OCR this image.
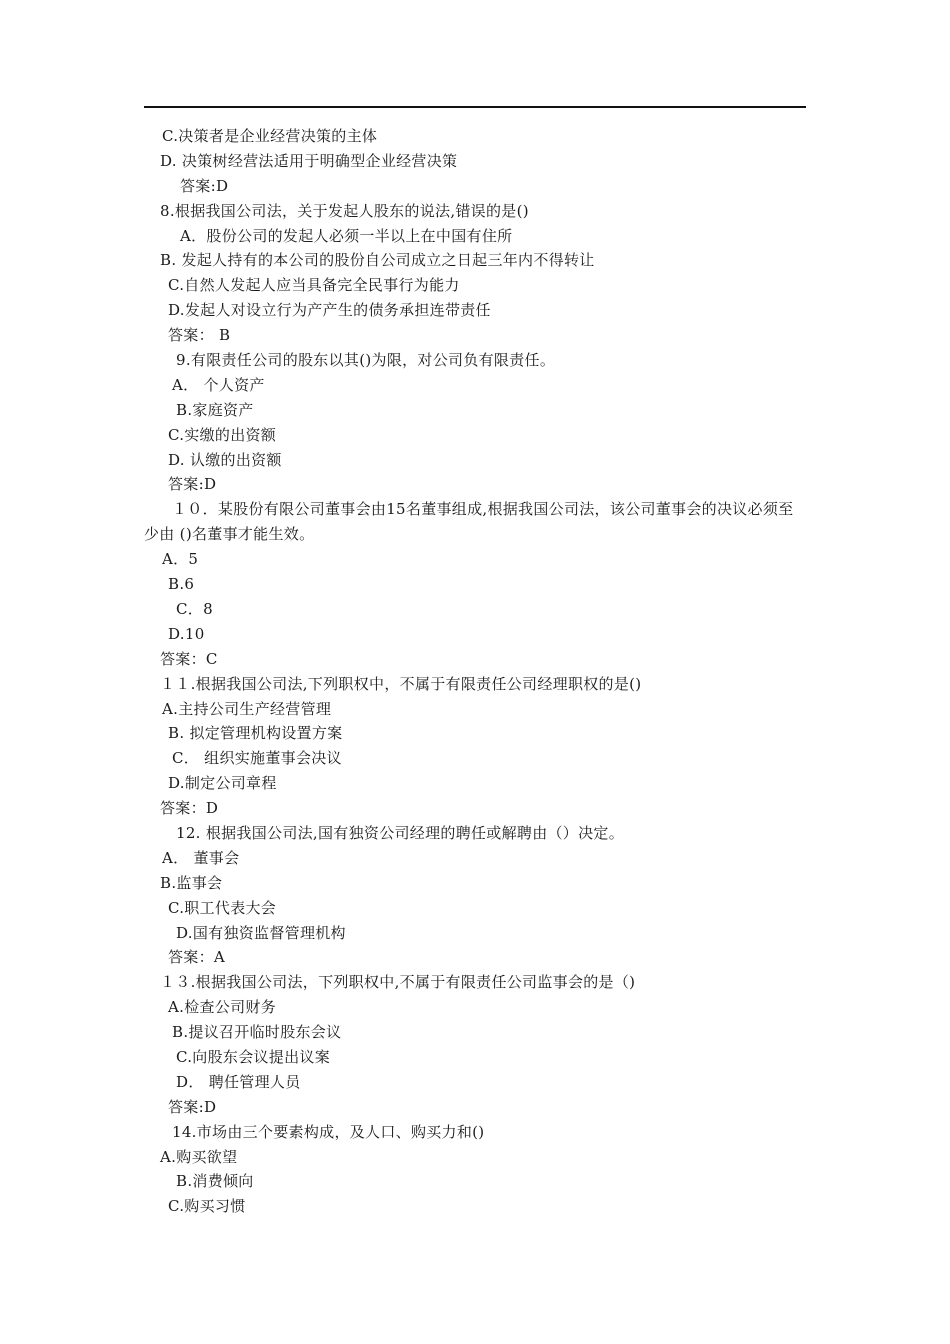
C.决策者是企业经营决策的主体
D. 决策树经营法适用于明确型企业经营决策
答案:D
8.根据我国公司法，关于发起人股东的说法,错误的是()
A．股份公司的发起人必须一半以上在中国有住所
B. 发起人持有的本公司的股份自公司成立之日起三年内不得转让
C.自然人发起人应当具备完全民事行为能力
D.发起人对设立行为产产生的债务承担连带责任
答案： B
9.有限责任公司的股东以其()为限，对公司负有限责任。
A． 个人资产
B.家庭资产
C.实缴的出资额
D. 认缴的出资额
答案:D
１０．某股份有限公司董事会由15名董事组成,根据我国公司法，该公司董事会的决议必须至少由 ()名董事才能生效。
A．5
B.6
C．8
D.10
答案：C
１１.根据我国公司法,下列职权中，不属于有限责任公司经理职权的是()
A.主持公司生产经营管理
B. 拟定管理机构设置方案
C． 组织实施董事会决议
D.制定公司章程
答案：D
12. 根据我国公司法,国有独资公司经理的聘任或解聘由（）决定。
A． 董事会
B.监事会
C.职工代表大会
D.国有独资监督管理机构
答案：A
１３.根据我国公司法，下列职权中,不属于有限责任公司监事会的是（)
A.检查公司财务
B.提议召开临时股东会议
C.向股东会议提出议案
D． 聘任管理人员
答案:D
14.市场由三个要素构成，及人口、购买力和()
A.购买欲望
B.消费倾向
C.购买习惯
